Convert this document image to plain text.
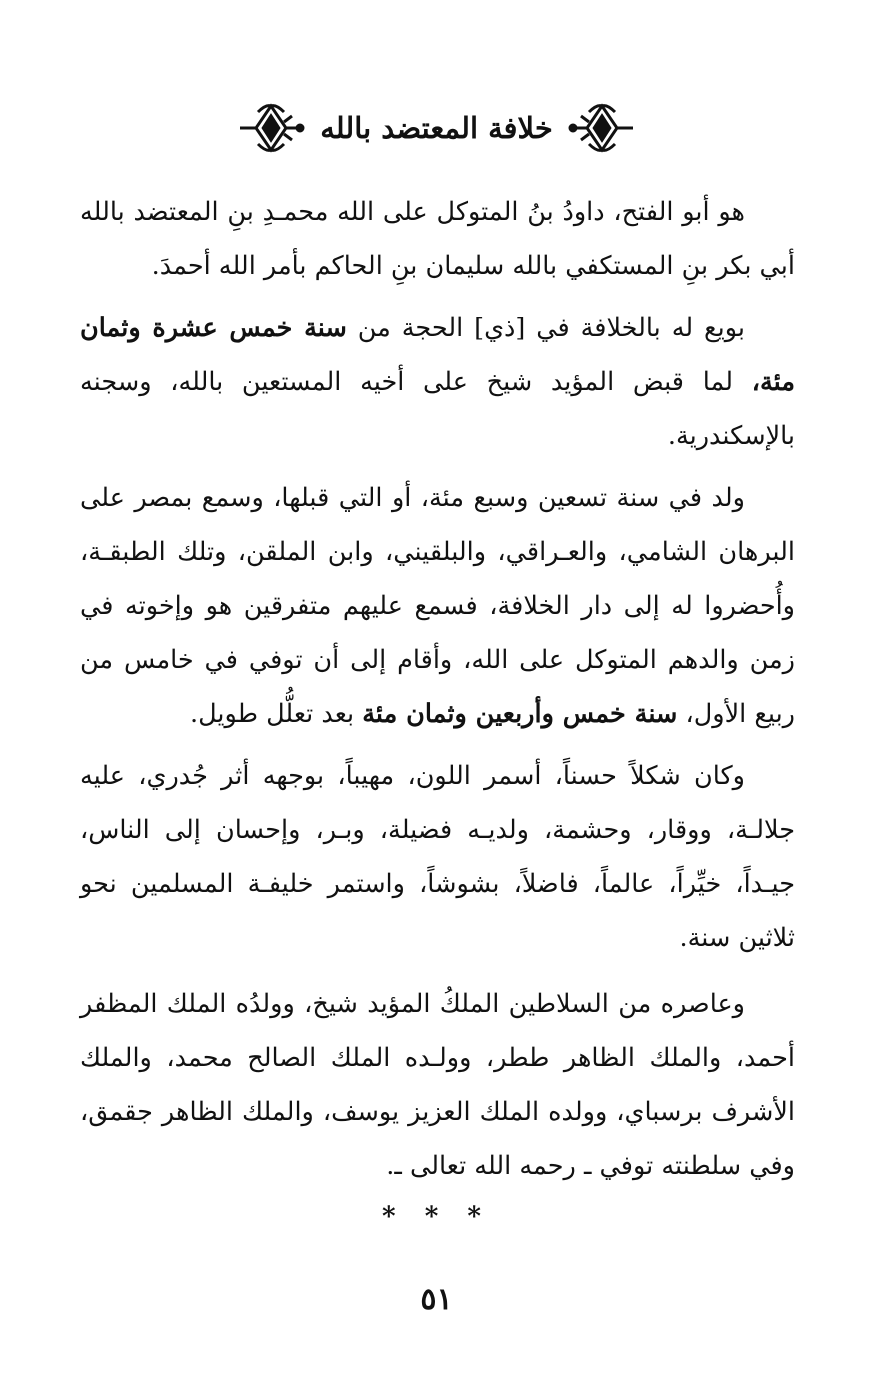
خلافة المعتضد بالله

هو أبو الفتح، داودُ بنُ المتوكل على الله محمـدِ بنِ المعتضد بالله أبي بكر بنِ المستكفي بالله سليمان بنِ الحاكم بأمر الله أحمدَ.

بويع له بالخلافة في [ذي] الحجة من سنة خمس عشرة وثمان مئة، لما قبض المؤيد شيخ على أخيه المستعين بالله، وسجنه بالإسكندرية.

ولد في سنة تسعين وسبع مئة، أو التي قبلها، وسمع بمصر على البرهان الشامي، والعـراقي، والبلقيني، وابن الملقن، وتلك الطبقـة، وأُحضروا له إلى دار الخلافة، فسمع عليهم متفرقين هو وإخوته في زمن والدهم المتوكل على الله، وأقام إلى أن توفي في خامس من ربيع الأول، سنة خمس وأربعين وثمان مئة بعد تعلُّل طويل.

وكان شكلاً حسناً، أسمر اللون، مهيباً، بوجهه أثر جُدري، عليه جلالـة، ووقار، وحشمة، ولديـه فضيلة، وبـر، وإحسان إلى الناس، جيـداً، خيِّراً، عالماً، فاضلاً، بشوشاً، واستمر خليفـة المسلمين نحو ثلاثين سنة.

وعاصره من السلاطين الملكُ المؤيد شيخ، وولدُه الملك المظفر أحمد، والملك الظاهر ططر، وولـده الملك الصالح محمد، والملك الأشرف برسباي، وولده الملك العزيز يوسف، والملك الظاهر جقمق، وفي سلطنته توفي ـ رحمه الله تعالى ـ.

* * *
٥١
